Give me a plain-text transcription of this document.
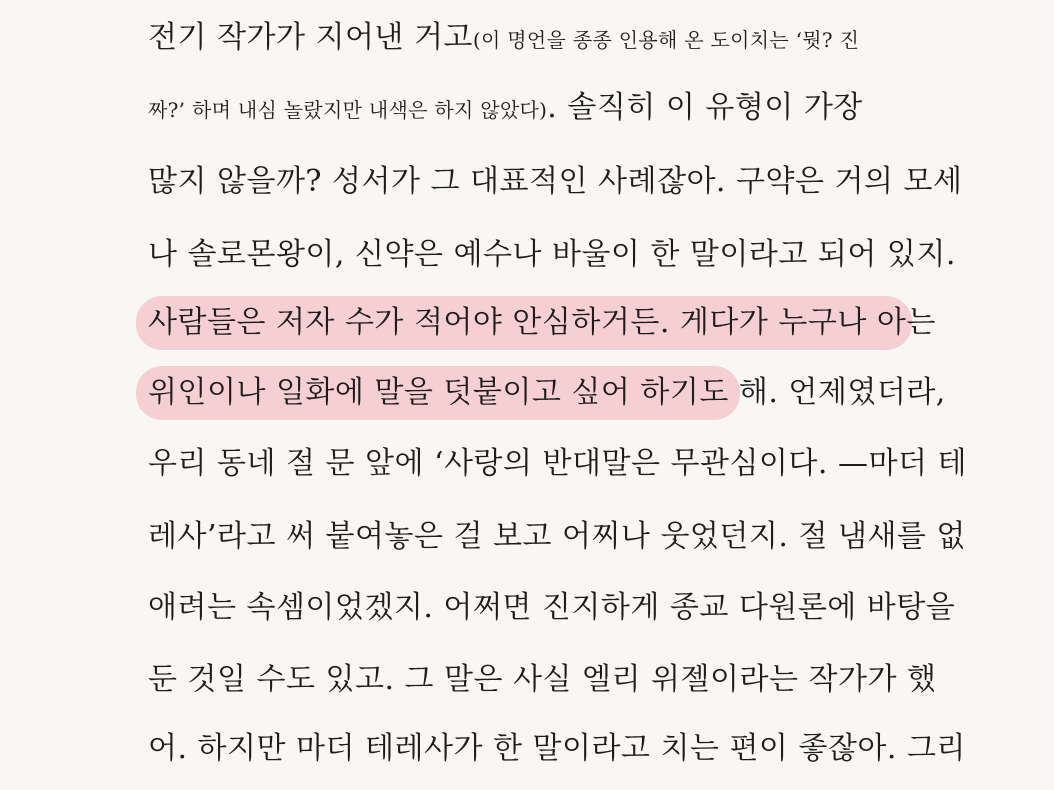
전기 작가가 지어낸 거고(이 명언을 종종 인용해 온 도이치는 ‘뭣? 진
짜?’ 하며 내심 놀랐지만 내색은 하지 않았다). 솔직히 이 유형이 가장
많지 않을까? 성서가 그 대표적인 사례잖아. 구약은 거의 모세
나 솔로몬왕이, 신약은 예수나 바울이 한 말이라고 되어 있지.
사람들은 저자 수가 적어야 안심하거든. 게다가 누구나 아는
위인이나 일화에 말을 덧붙이고 싶어 하기도 해. 언제였더라,
우리 동네 절 문 앞에 ‘사랑의 반대말은 무관심이다. —마더 테
레사’라고 써 붙여놓은 걸 보고 어찌나 웃었던지. 절 냄새를 없
애려는 속셈이었겠지. 어쩌면 진지하게 종교 다원론에 바탕을
둔 것일 수도 있고. 그 말은 사실 엘리 위젤이라는 작가가 했
어. 하지만 마더 테레사가 한 말이라고 치는 편이 좋잖아. 그리
